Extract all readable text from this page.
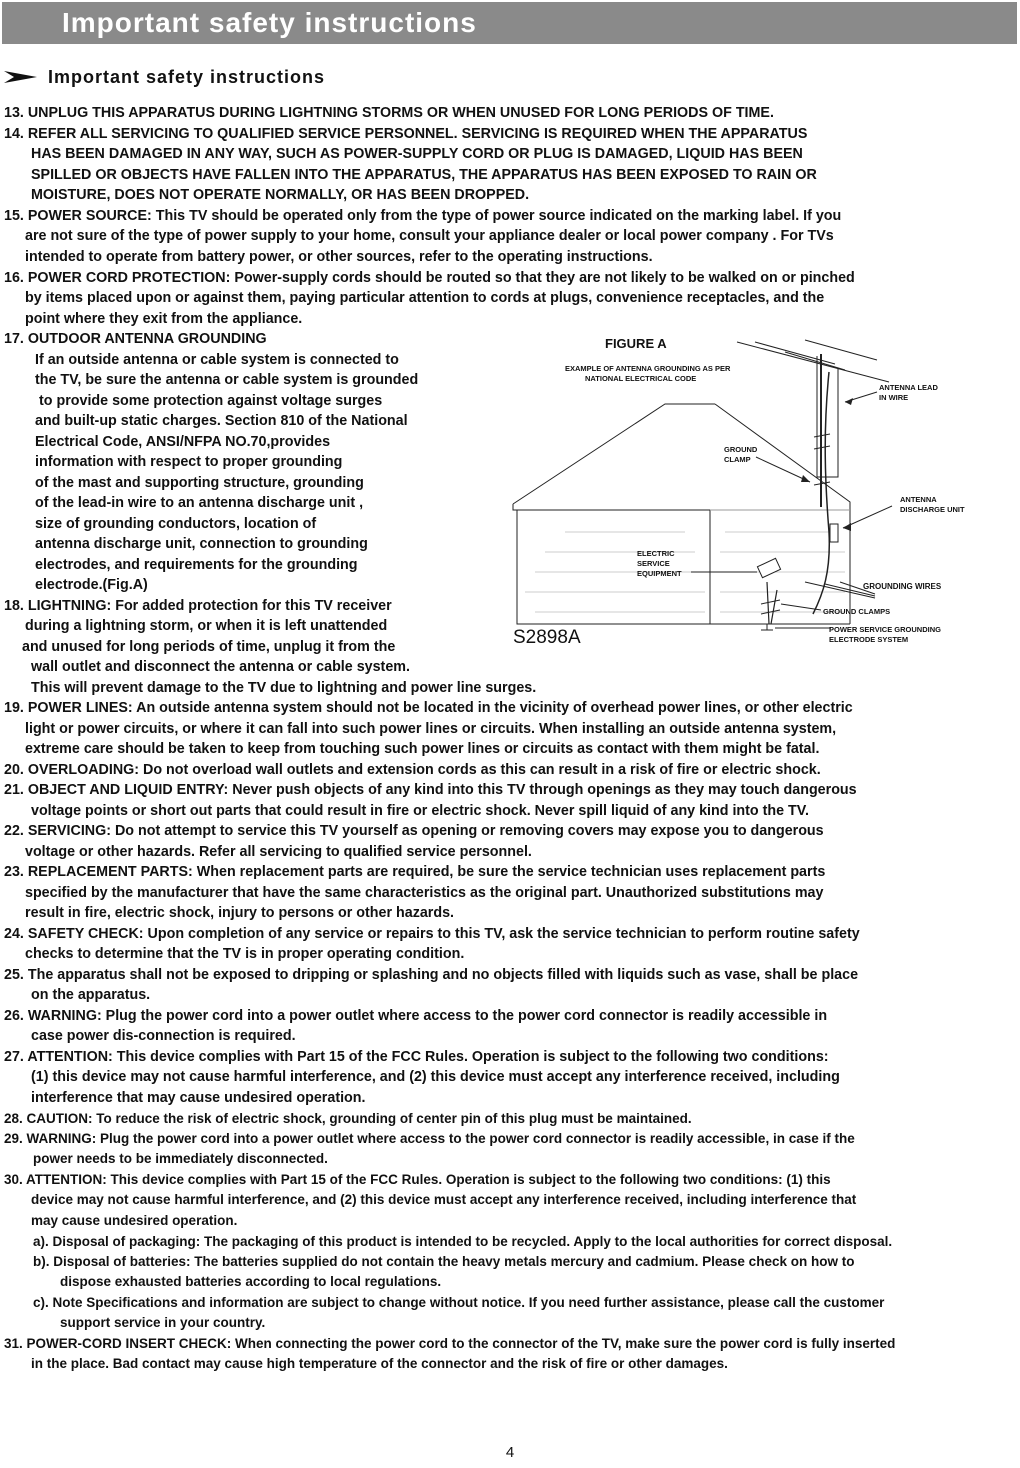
Important safety instructions
Important safety instructions
13. UNPLUG THIS APPARATUS DURING LIGHTNING STORMS OR WHEN UNUSED FOR LONG PERIODS OF TIME.
14. REFER ALL SERVICING TO QUALIFIED SERVICE PERSONNEL. SERVICING IS REQUIRED WHEN THE APPARATUS
HAS BEEN DAMAGED IN ANY WAY, SUCH AS POWER-SUPPLY CORD OR PLUG IS DAMAGED, LIQUID HAS BEEN
SPILLED OR OBJECTS HAVE FALLEN INTO THE APPARATUS, THE APPARATUS HAS BEEN EXPOSED TO RAIN OR
MOISTURE, DOES NOT OPERATE NORMALLY, OR HAS BEEN DROPPED.
15. POWER SOURCE: This TV should be operated only from the type of power source indicated on the marking label. If you
are not sure of the type of power supply to your home, consult your appliance dealer or local power company . For TVs
intended to operate from battery power, or other sources, refer to the operating instructions.
16. POWER CORD PROTECTION: Power-supply cords should be routed so that they are not likely to be walked on or pinched
by items placed upon or against them, paying particular attention to cords at plugs, convenience receptacles, and the
point where they exit from the appliance.
17. OUTDOOR ANTENNA GROUNDING
If an outside antenna or cable system is connected to
the TV, be sure the antenna or cable system is grounded
to provide some protection against voltage surges
and built-up static charges. Section 810 of the National
Electrical Code, ANSI/NFPA NO.70,provides
information with respect to proper grounding
of the mast and supporting structure, grounding
of the lead-in wire to an antenna discharge unit ,
size of grounding conductors, location of
antenna discharge unit, connection to grounding
electrodes, and requirements for the grounding
electrode.(Fig.A)
18. LIGHTNING: For added protection for this TV receiver
during a lightning storm, or when it is left unattended
and unused for long periods of time, unplug it from the
wall outlet and disconnect the antenna or cable system.
This will prevent damage to the TV due to lightning and power line surges.
19. POWER LINES: An outside antenna system should not be located in the vicinity of overhead power lines, or other electric
light or power circuits, or where it can fall into such power lines or circuits. When installing an outside antenna system,
extreme care should be taken to keep from touching such power lines or circuits as contact with them might be fatal.
20. OVERLOADING: Do not overload wall outlets and extension cords as this can result in a risk of fire or electric shock.
21. OBJECT AND LIQUID ENTRY: Never push objects of any kind into this TV through openings as they may touch dangerous
voltage points or short out parts that could result in fire or electric shock. Never spill liquid of any kind into the TV.
22. SERVICING: Do not attempt to service this TV yourself as opening or removing covers may expose you to dangerous
voltage or other hazards. Refer all servicing to qualified service personnel.
23. REPLACEMENT PARTS: When replacement parts are required, be sure the service technician uses replacement parts
specified by the manufacturer that have the same characteristics as the original part. Unauthorized substitutions may
result in fire, electric shock, injury to persons or other hazards.
24. SAFETY CHECK: Upon completion of any service or repairs to this TV, ask the service technician to perform routine safety
checks to determine that the TV is in proper operating condition.
25. The apparatus shall not be exposed to dripping or splashing and no objects filled with liquids such as vase, shall be place
on the apparatus.
26. WARNING: Plug the power cord into a power outlet where access to the power cord connector is readily accessible in
case power dis-connection is required.
27. ATTENTION: This device complies with Part 15 of the FCC Rules. Operation is subject to the following two conditions:
(1) this device may not cause harmful interference, and (2) this device must accept any interference received, including
interference that may cause undesired operation.
28. CAUTION: To reduce the risk of electric shock, grounding of center pin of this plug must be maintained.
29. WARNING: Plug the power cord into a power outlet where access to the power cord connector is readily accessible, in case if the
power needs to be immediately disconnected.
30. ATTENTION: This device complies with Part 15 of the FCC Rules. Operation is subject to the following two conditions: (1) this
device may not cause harmful interference, and (2) this device must accept any interference received, including interference that
may cause undesired operation.
a). Disposal of packaging: The packaging of this product is intended to be recycled. Apply to the local authorities for correct disposal.
b). Disposal of batteries: The batteries supplied do not contain the heavy metals mercury and cadmium. Please check on how to
dispose exhausted batteries according to local regulations.
c). Note Specifications and information are subject to change without notice. If you need further assistance, please call the customer
support service in your country.
31. POWER-CORD INSERT CHECK: When connecting the power cord to the connector of the TV, make sure the power cord is fully inserted
in the place. Bad contact may cause high temperature of the connector and the risk of fire or other damages.
FIGURE A
EXAMPLE OF ANTENNA GROUNDING AS PER
NATIONAL ELECTRICAL CODE
ANTENNA LEAD
IN WIRE
GROUND
CLAMP
ANTENNA
DISCHARGE UNIT
ELECTRIC
SERVICE
EQUIPMENT
GROUNDING WIRES
GROUND CLAMPS
POWER SERVICE GROUNDING
ELECTRODE SYSTEM
S2898A
4
